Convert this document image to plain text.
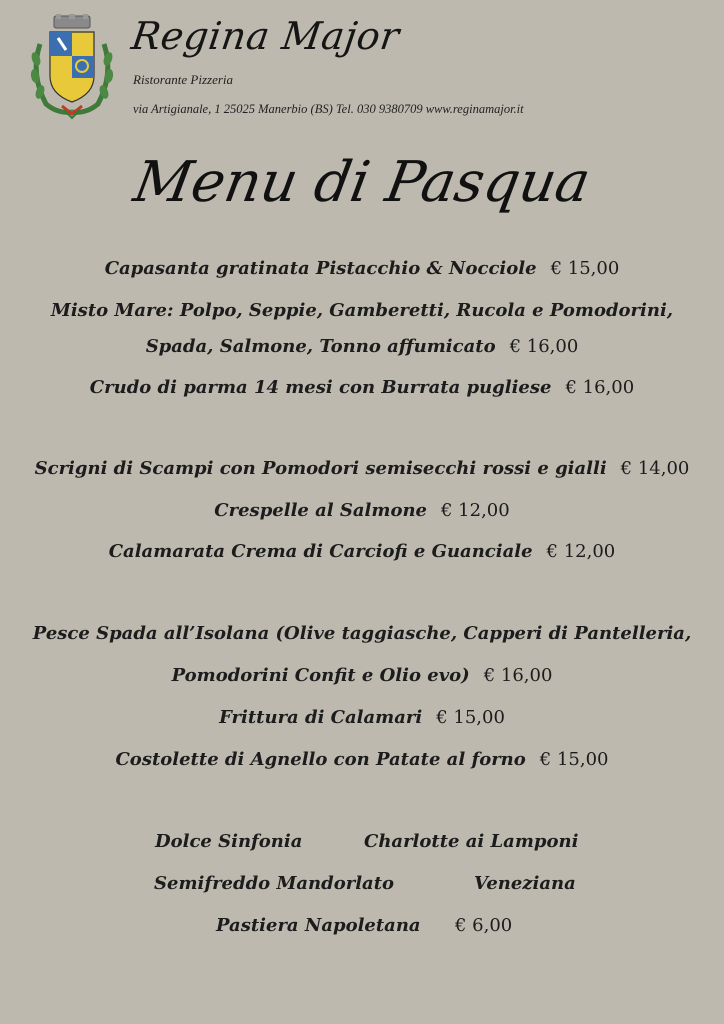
Regina Major
Ristorante Pizzeria
via Artigianale, 1 25025 Manerbio (BS) Tel. 030 9380709 www.reginamajor.it
Menu di Pasqua
Capasanta gratinata Pistacchio & Nocciole € 15,00
Misto Mare: Polpo, Seppie, Gamberetti, Rucola e Pomodorini,
Spada, Salmone, Tonno affumicato € 16,00
Crudo di parma 14 mesi con Burrata pugliese € 16,00
Scrigni di Scampi con Pomodori semisecchi rossi e gialli € 14,00
Crespelle al Salmone € 12,00
Calamarata Crema di Carciofi e Guanciale € 12,00
Pesce Spada all’Isolana (Olive taggiasche, Capperi di Pantelleria,
Pomodorini Confit e Olio evo) € 16,00
Frittura di Calamari € 15,00
Costolette di Agnello con Patate al forno € 15,00
Dolce Sinfonia	Charlotte ai Lamponi
Semifreddo Mandorlato	Veneziana
Pastiera Napoletana € 6,00
